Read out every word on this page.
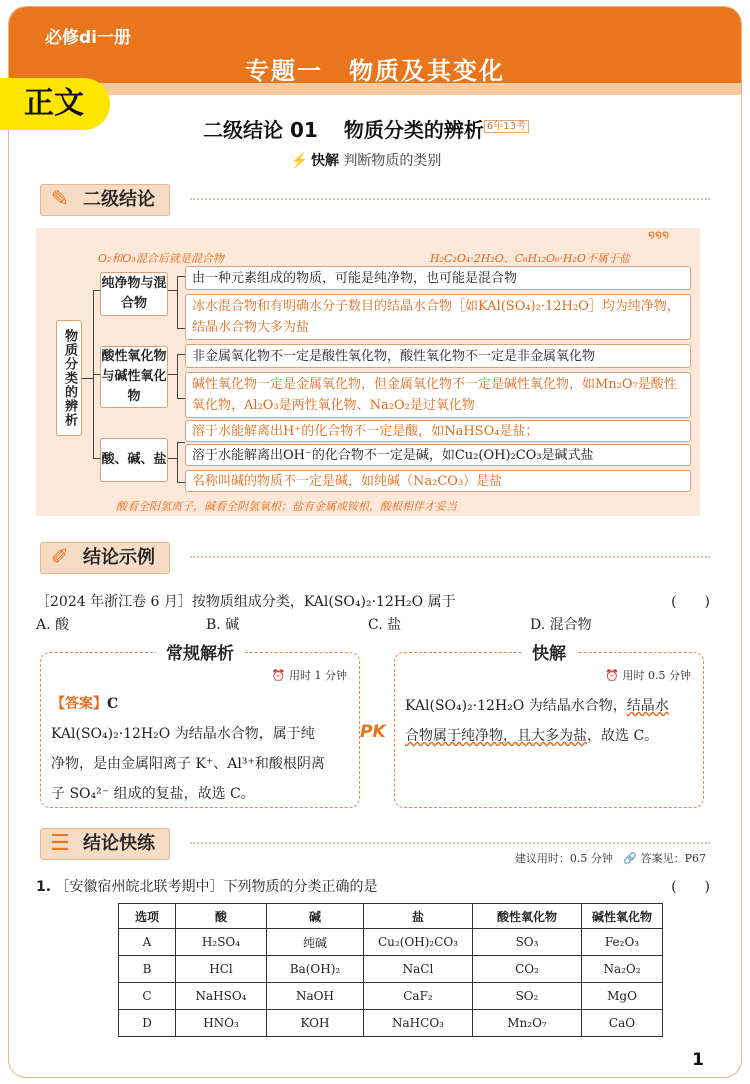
必修di一册
专题一　物质及其变化
正文
二级结论 01 物质分类的辨析 $^{6年13考}$
⚡ 快解 判断物质的类别
✎ 二级结论
O₂和O₃混合后就是混合物	H₂C₂O₄·2H₂O、C₆H₁₂O₆·H₂O不属于盐
໑໑໑
物质分类的辨析
纯净物与混合物
酸性氧化物与碱性氧化物
酸、碱、盐
由一种元素组成的物质，可能是纯净物，也可能是混合物
冰水混合物和有明确水分子数目的结晶水合物［如KAl(SO₄)₂·12H₂O］均为纯净物，结晶水合物大多为盐
非金属氧化物不一定是酸性氧化物，酸性氧化物不一定是非金属氧化物
碱性氧化物一定是金属氧化物，但金属氧化物不一定是碱性氧化物，如Mn₂O₇是酸性氧化物，Al₂O₃是两性氧化物、Na₂O₂是过氧化物
溶于水能解离出H⁺的化合物不一定是酸，如NaHSO₄是盐；
溶于水能解离出OH⁻的化合物不一定是碱，如Cu₂(OH)₂CO₃是碱式盐
名称叫碱的物质不一定是碱，如纯碱（Na₂CO₃）是盐
酸看全阳氢离子，碱看全阴氢氧根；盐有金属或铵根，酸根相伴才妥当
✐ 结论示例
［2024 年浙江卷 6 月］按物质组成分类，KAl(SO₄)₂·12H₂O 属于	(　　)
A. 酸	B. 碱	C. 盐	D. 混合物
常规解析
⏰ 用时 1 分钟
【答案】C
KAl(SO₄)₂·12H₂O 为结晶水合物，属于纯
净物，是由金属阳离子 K⁺、Al³⁺和酸根阴离
子 SO₄²⁻ 组成的复盐，故选 C。
PK
快解
⏰ 用时 0.5 分钟
KAl(SO₄)₂·12H₂O 为结晶水合物，结晶水
合物属于纯净物，且大多为盐，故选 C。
☰ 结论快练
建议用时：0.5 分钟 🔗 答案见：P67
1. ［安徽宿州皖北联考期中］下列物质的分类正确的是	(　　)
选项	酸	碱	盐	酸性氧化物	碱性氧化物
A	H₂SO₄	纯碱	Cu₂(OH)₂CO₃	SO₃	Fe₂O₃
B	HCl	Ba(OH)₂	NaCl	CO₂	Na₂O₂
C	NaHSO₄	NaOH	CaF₂	SO₂	MgO
D	HNO₃	KOH	NaHCO₃	Mn₂O₇	CaO
1
